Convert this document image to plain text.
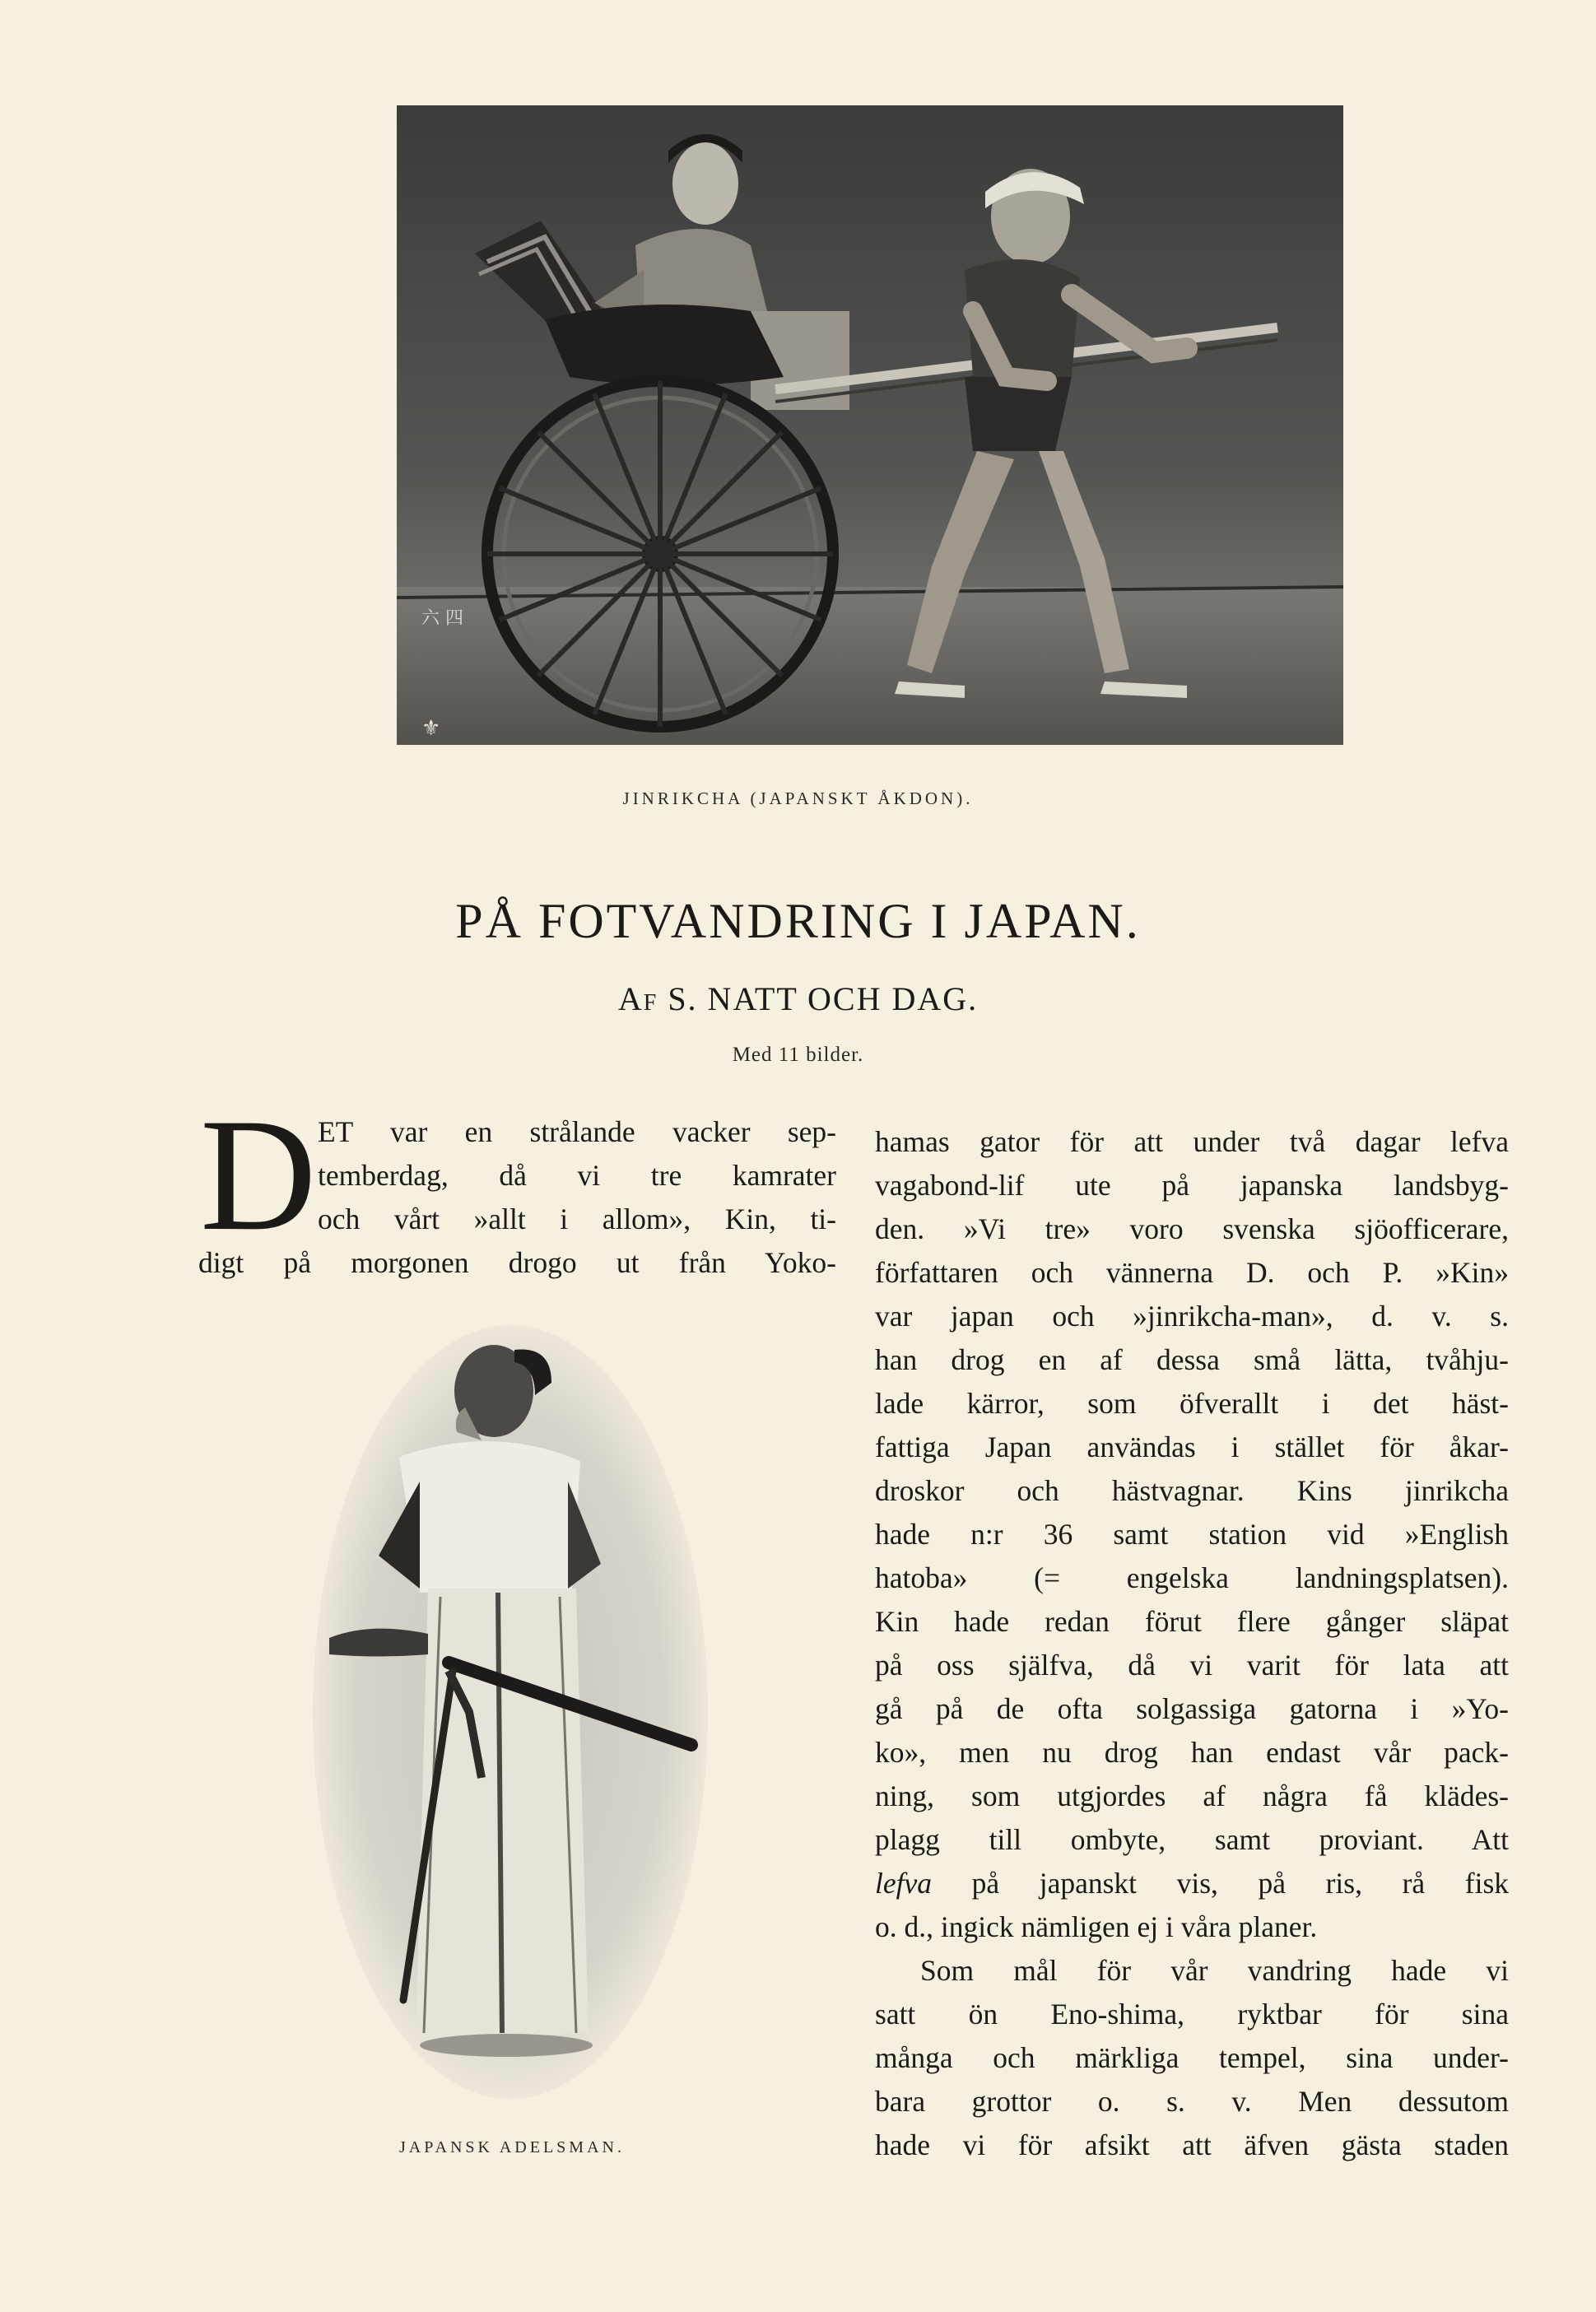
六 四
⚜
JINRIKCHA (JAPANSKT ÅKDON).
PÅ FOTVANDRING I JAPAN.
Af S. NATT OCH DAG.
Med 11 bilder.
D ET var en strålande vacker sep-
temberdag, då vi tre kamrater
och vårt »allt i allom», Kin, ti-
digt på morgonen drogo ut från Yoko-
JAPANSK ADELSMAN.
hamas gator för att under två dagar lefva
vagabond-lif ute på japanska landsbyg-
den. »Vi tre» voro svenska sjöofficerare,
författaren och vännerna D. och P. »Kin»
var japan och »jinrikcha-man», d. v. s.
han drog en af dessa små lätta, tvåhju-
lade kärror, som öfverallt i det häst-
fattiga Japan användas i stället för åkar-
droskor och hästvagnar. Kins jinrikcha
hade n:r 36 samt station vid »English
hatoba» (= engelska landningsplatsen).
Kin hade redan förut flere gånger släpat
på oss själfva, då vi varit för lata att
gå på de ofta solgassiga gatorna i »Yo-
ko», men nu drog han endast vår pack-
ning, som utgjordes af några få klädes-
plagg till ombyte, samt proviant. Att
lefva på japanskt vis, på ris, rå fisk
o. d., ingick nämligen ej i våra planer.
Som mål för vår vandring hade vi
satt ön Eno-shima, ryktbar för sina
många och märkliga tempel, sina under-
bara grottor o. s. v. Men dessutom
hade vi för afsikt att äfven gästa staden
